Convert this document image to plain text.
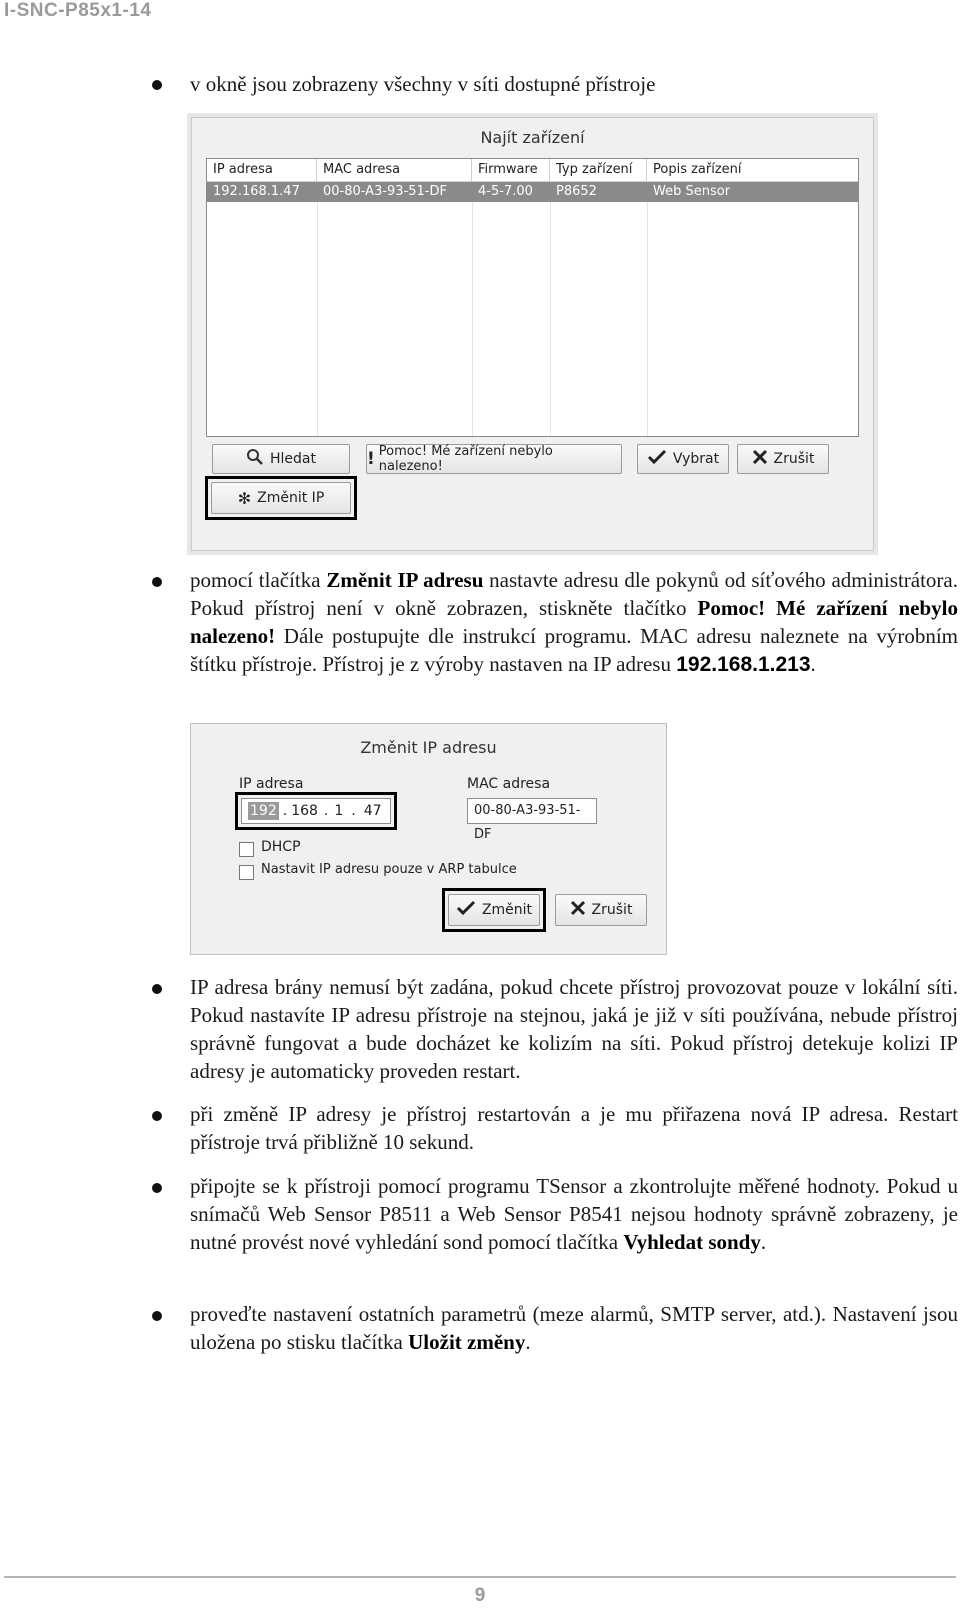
I-SNC-P85x1-14
v okně jsou zobrazeny všechny v síti dostupné přístroje
Najít zařízení
IP adresa	MAC adresa	Firmware	Typ zařízení	Popis zařízení
192.168.1.47	00-80-A3-93-51-DF	4-5-7.00	P8652	Web Sensor
Hledat	! Pomoc! Mé zařízení nebylo nalezeno!	Vybrat	Zrušit
✻ Změnit IP
pomocí tlačítka Změnit IP adresu nastavte adresu dle pokynů od síťového administrátora. Pokud přístroj není v okně zobrazen, stiskněte tlačítko Pomoc! Mé zařízení nebylo nalezeno! Dále postupujte dle instrukcí programu. MAC adresu naleznete na výrobním štítku přístroje. Přístroj je z výroby nastaven na IP adresu 192.168.1.213.
Změnit IP adresu
IP adresa
192 . 168 . 1 . 47
MAC adresa
00-80-A3-93-51-DF
DHCP
Nastavit IP adresu pouze v ARP tabulce
Změnit	Zrušit
IP adresa brány nemusí být zadána, pokud chcete přístroj provozovat pouze v lokální síti. Pokud nastavíte IP adresu přístroje na stejnou, jaká je již v síti používána, nebude přístroj správně fungovat a bude docházet ke kolizím na síti. Pokud přístroj detekuje kolizi IP adresy je automaticky proveden restart.
při změně IP adresy je přístroj restartován a je mu přiřazena nová IP adresa. Restart přístroje trvá přibližně 10 sekund.
připojte se k přístroji pomocí programu TSensor a zkontrolujte měřené hodnoty. Pokud u snímačů Web Sensor P8511 a Web Sensor P8541 nejsou hodnoty správně zobrazeny, je nutné provést nové vyhledání sond pomocí tlačítka Vyhledat sondy.
proveďte nastavení ostatních parametrů (meze alarmů, SMTP server, atd.). Nastavení jsou uložena po stisku tlačítka Uložit změny.
9
